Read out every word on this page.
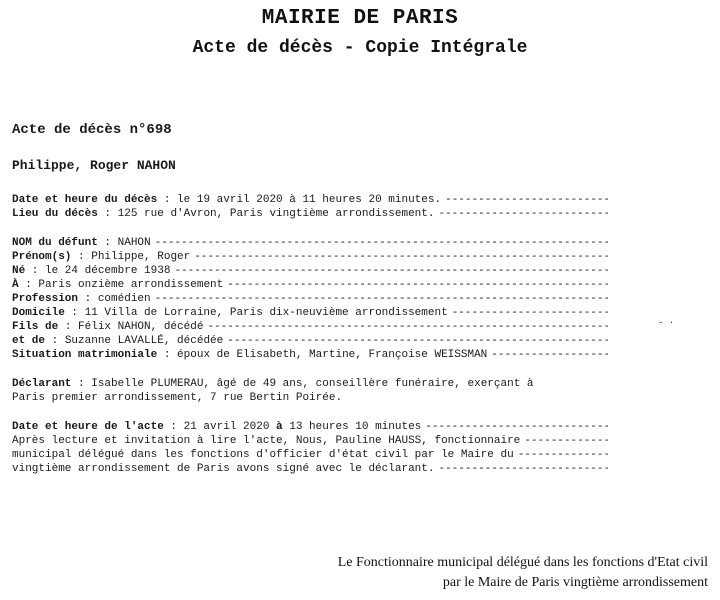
MAIRIE DE PARIS
Acte de décès - Copie Intégrale
Acte de décès n°698
Philippe, Roger NAHON
Date et heure du décès : le 19 avril 2020 à 11 heures 20 minutes.
-----
Lieu du décès : 125 rue d'Avron, Paris vingtième arrondissement.
-----
NOM du défunt : NAHON
-----
Prénom(s) : Philippe, Roger
-----
Né : le 24 décembre 1938
-----
À : Paris onzième arrondissement
-----
Profession : comédien
-----
Domicile : 11 Villa de Lorraine, Paris dix-neuvième arrondissement
-----
Fils de : Félix NAHON, décédé
-----
et de : Suzanne LAVALLÉ, décédée
-----
Situation matrimoniale : époux de Elisabeth, Martine, Françoise WEISSMAN
-----
Déclarant : Isabelle PLUMERAU, âgé de 49 ans, conseillère funéraire, exerçant à
Paris premier arrondissement, 7 rue Bertin Poirée.
Date et heure de l'acte : 21 avril 2020 à 13 heures 10 minutes
-----
Après lecture et invitation à lire l'acte, Nous, Pauline HAUSS, fonctionnaire
-----
municipal délégué dans les fonctions d'officier d'état civil par le Maire du
-----
vingtième arrondissement de Paris avons signé avec le déclarant.
-----
- ·
Le Fonctionnaire municipal délégué dans les fonctions d'Etat civil
par le Maire de Paris vingtième arrondissement
